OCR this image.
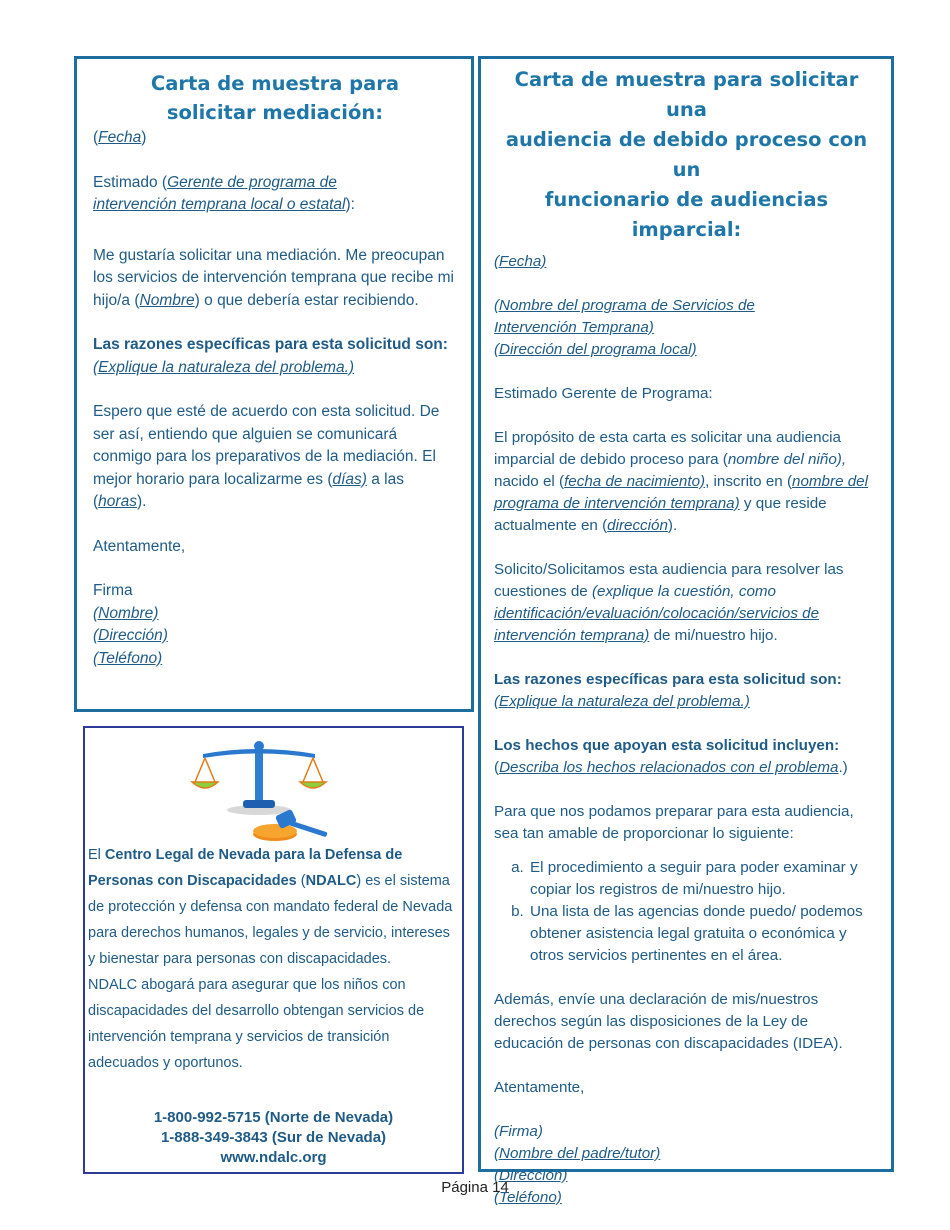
Carta de muestra para
solicitar mediación:

(Fecha)

Estimado (Gerente de programa de
intervención temprana local o estatal):

Me gustaría solicitar una mediación. Me preocupan los servicios de intervención temprana que recibe mi hijo/a (Nombre) o que debería estar recibiendo.

Las razones específicas para esta solicitud son:

(Explique la naturaleza del problema.)

Espero que esté de acuerdo con esta solicitud. De ser así, entiendo que alguien se comunicará conmigo para los preparativos de la mediación. El mejor horario para localizarme es (días) a las (horas).

Atentamente,

Firma

(Nombre)

(Dirección)

(Teléfono)

Carta de muestra para solicitar una
audiencia de debido proceso con un
funcionario de audiencias imparcial:

(Fecha)

(Nombre del programa de Servicios de
Intervención Temprana)
(Dirección del programa local)

Estimado Gerente de Programa:

El propósito de esta carta es solicitar una audiencia imparcial de debido proceso para (nombre del niño), nacido el (fecha de nacimiento), inscrito en (nombre del programa de intervención temprana) y que reside actualmente en (dirección).

Solicito/Solicitamos esta audiencia para resolver las cuestiones de (explique la cuestión, como identificación/evaluación/colocación/servicios de intervención temprana) de mi/nuestro hijo.

Las razones específicas para esta solicitud son:

(Explique la naturaleza del problema.)

Los hechos que apoyan esta solicitud incluyen:

(Describa los hechos relacionados con el problema.)

Para que nos podamos preparar para esta audiencia, sea tan amable de proporcionar lo siguiente:

a. El procedimiento a seguir para poder examinar y copiar los registros de mi/nuestro hijo.
b. Una lista de las agencias donde puedo/ podemos obtener asistencia legal gratuita o económica y otros servicios pertinentes en el área.

Además, envíe una declaración de mis/nuestros derechos según las disposiciones de la Ley de educación de personas con discapacidades (IDEA).

Atentamente,

(Firma)

(Nombre del padre/tutor)

(Dirección)

(Teléfono)

El Centro Legal de Nevada para la Defensa de Personas con Discapacidades (NDALC) es el sistema de protección y defensa con mandato federal de Nevada para derechos humanos, legales y de servicio, intereses y bienestar para personas con discapacidades.
NDALC abogará para asegurar que los niños con discapacidades del desarrollo obtengan servicios de intervención temprana y servicios de transición adecuados y oportunos.

1-800-992-5715 (Norte de Nevada)
1-888-349-3843 (Sur de Nevada)
www.ndalc.org
Página 14
